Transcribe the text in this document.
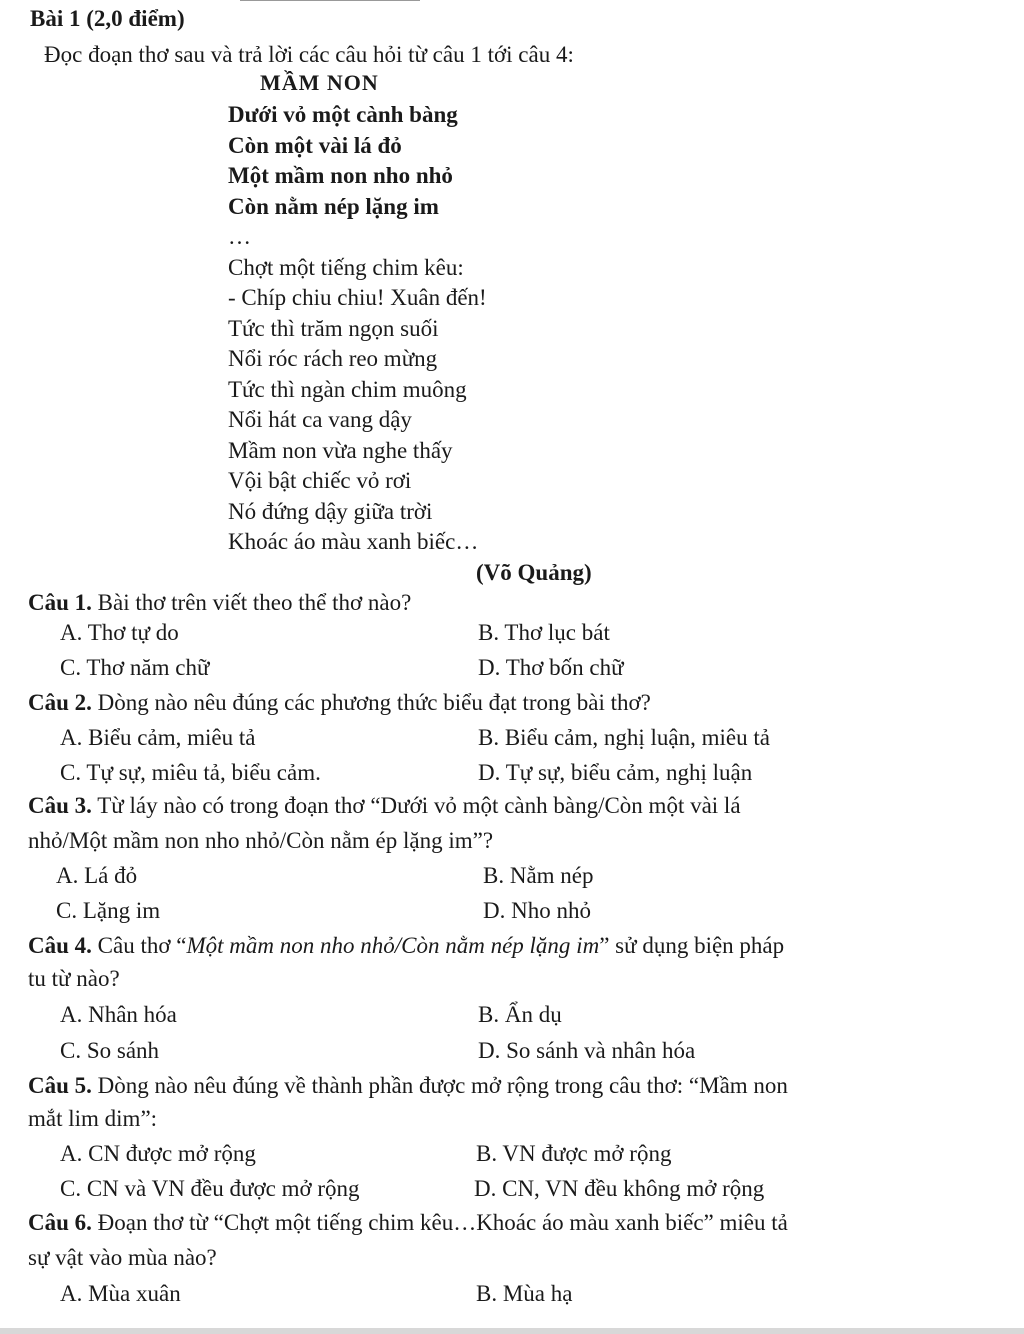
Bài 1 (2,0 điểm)
Đọc đoạn thơ sau và trả lời các câu hỏi từ câu 1 tới câu 4:
MẦM NON
Dưới vỏ một cành bàng
Còn một vài lá đỏ
Một mầm non nho nhỏ
Còn nằm nép lặng im
…
Chợt một tiếng chim kêu:
- Chíp chiu chiu! Xuân đến!
Tức thì trăm ngọn suối
Nổi róc rách reo mừng
Tức thì ngàn chim muông
Nổi hát ca vang dậy
Mầm non vừa nghe thấy
Vội bật chiếc vỏ rơi
Nó đứng dậy giữa trời
Khoác áo màu xanh biếc…
(Võ Quảng)
Câu 1. Bài thơ trên viết theo thể thơ nào?
A. Thơ tự do	B. Thơ lục bát
C. Thơ năm chữ	D. Thơ bốn chữ
Câu 2. Dòng nào nêu đúng các phương thức biểu đạt trong bài thơ?
A. Biểu cảm, miêu tả	B. Biểu cảm, nghị luận, miêu tả
C. Tự sự, miêu tả, biểu cảm.	D. Tự sự, biểu cảm, nghị luận
Câu 3. Từ láy nào có trong đoạn thơ “Dưới vỏ một cành bàng/Còn một vài lá
nhỏ/Một mầm non nho nhỏ/Còn nằm ép lặng im”?
A. Lá đỏ	B. Nằm nép
C. Lặng im	D. Nho nhỏ
Câu 4. Câu thơ “Một mầm non nho nhỏ/Còn nằm nép lặng im” sử dụng biện pháp
tu từ nào?
A. Nhân hóa	B. Ẩn dụ
C. So sánh	D. So sánh và nhân hóa
Câu 5. Dòng nào nêu đúng về thành phần được mở rộng trong câu thơ: “Mầm non
mắt lim dim”:
A. CN được mở rộng	B. VN được mở rộng
C. CN và VN đều được mở rộng	D. CN, VN đều không mở rộng
Câu 6. Đoạn thơ từ “Chợt một tiếng chim kêu…Khoác áo màu xanh biếc” miêu tả
sự vật vào mùa nào?
A. Mùa xuân	B. Mùa hạ
